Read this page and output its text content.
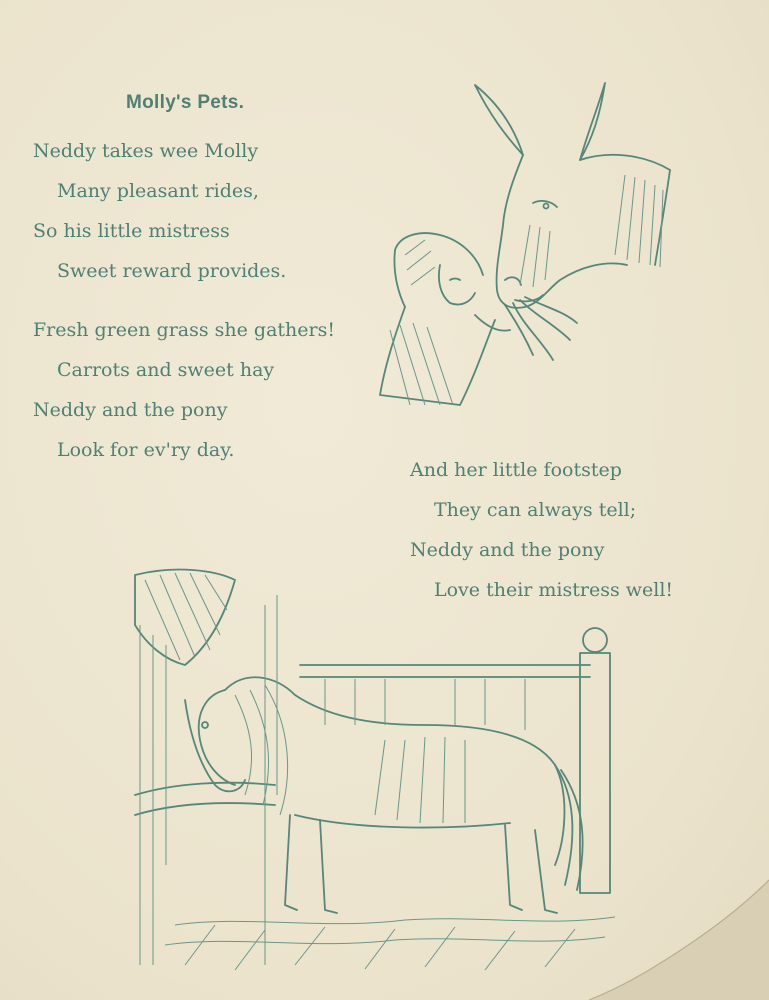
Molly's Pets.
Neddy takes wee Molly
Many pleasant rides,
So his little mistress
Sweet reward provides.
Fresh green grass she gathers!
Carrots and sweet hay
Neddy and the pony
Look for ev'ry day.
And her little footstep
They can always tell;
Neddy and the pony
Love their mistress well!
